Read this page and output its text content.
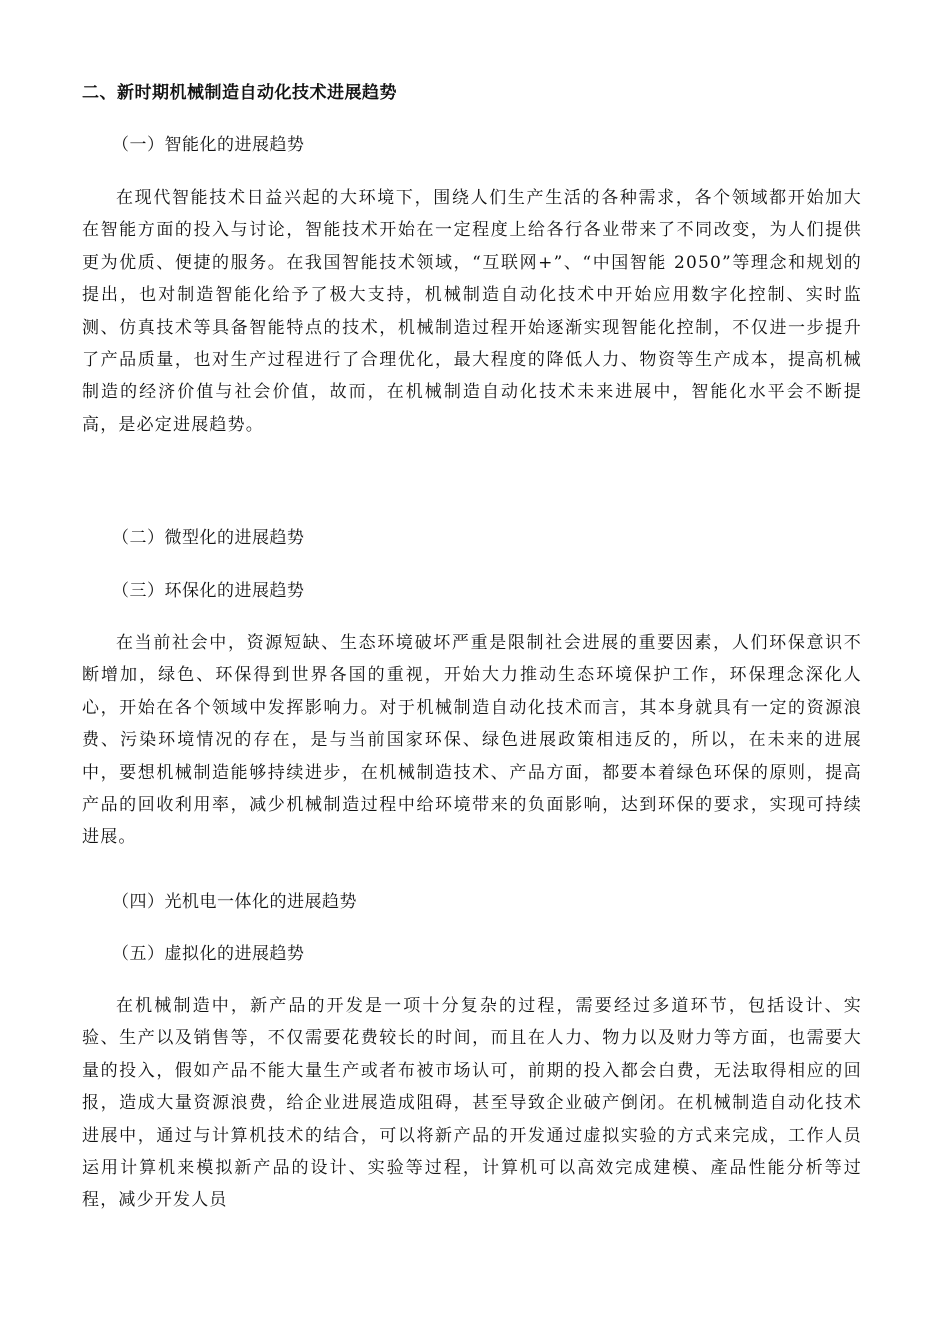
二、新时期机械制造自动化技术进展趋势
（一）智能化的进展趋势
在现代智能技术日益兴起的大环境下，围绕人们生产生活的各种需求，各个领域都开始加大在智能方面的投入与讨论，智能技术开始在一定程度上给各行各业带来了不同改变，为人们提供更为优质、便捷的服务。在我国智能技术领域，“互联网+”、“中国智能 2050”等理念和规划的提出，也对制造智能化给予了极大支持，机械制造自动化技术中开始应用数字化控制、实时监测、仿真技术等具备智能特点的技术，机械制造过程开始逐渐实现智能化控制，不仅进一步提升了产品质量，也对生产过程进行了合理优化，最大程度的降低人力、物资等生产成本，提高机械制造的经济价值与社会价值，故而，在机械制造自动化技术未来进展中，智能化水平会不断提高，是必定进展趋势。
（二）微型化的进展趋势
（三）环保化的进展趋势
在当前社会中，资源短缺、生态环境破坏严重是限制社会进展的重要因素，人们环保意识不断增加，绿色、环保得到世界各国的重视，开始大力推动生态环境保护工作，环保理念深化人心，开始在各个领域中发挥影响力。对于机械制造自动化技术而言，其本身就具有一定的资源浪费、污染环境情况的存在，是与当前国家环保、绿色进展政策相违反的，所以，在未来的进展中，要想机械制造能够持续进步，在机械制造技术、产品方面，都要本着绿色环保的原则，提高产品的回收利用率，减少机械制造过程中给环境带来的负面影响，达到环保的要求，实现可持续进展。
（四）光机电一体化的进展趋势
（五）虚拟化的进展趋势
在机械制造中，新产品的开发是一项十分复杂的过程，需要经过多道环节，包括设计、实验、生产以及销售等，不仅需要花费较长的时间，而且在人力、物力以及财力等方面，也需要大量的投入，假如产品不能大量生产或者布被市场认可，前期的投入都会白费，无法取得相应的回报，造成大量资源浪费，给企业进展造成阻碍，甚至导致企业破产倒闭。在机械制造自动化技术进展中，通过与计算机技术的结合，可以将新产品的开发通过虚拟实验的方式来完成，工作人员运用计算机来模拟新产品的设计、实验等过程，计算机可以高效完成建模、產品性能分析等过程，减少开发人员
